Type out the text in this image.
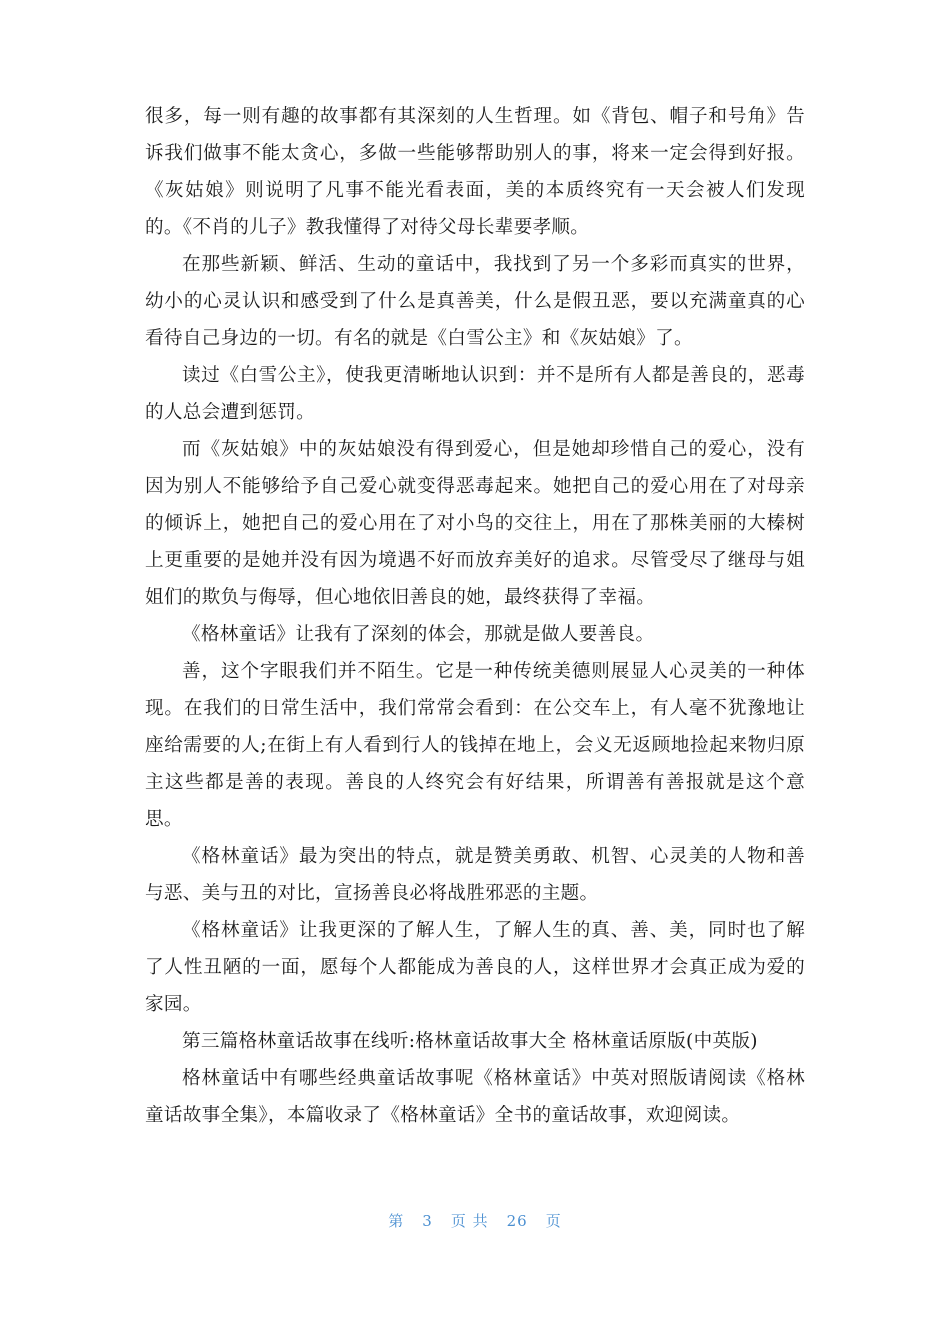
很多，每一则有趣的故事都有其深刻的人生哲理。如《背包、帽子和号角》告诉我们做事不能太贪心，多做一些能够帮助别人的事，将来一定会得到好报。《灰姑娘》则说明了凡事不能光看表面，美的本质终究有一天会被人们发现的。《不肖的儿子》教我懂得了对待父母长辈要孝顺。

在那些新颖、鲜活、生动的童话中，我找到了另一个多彩而真实的世界，幼小的心灵认识和感受到了什么是真善美，什么是假丑恶，要以充满童真的心看待自己身边的一切。有名的就是《白雪公主》和《灰姑娘》了。

读过《白雪公主》，使我更清晰地认识到：并不是所有人都是善良的，恶毒的人总会遭到惩罚。

而《灰姑娘》中的灰姑娘没有得到爱心，但是她却珍惜自己的爱心，没有因为别人不能够给予自己爱心就变得恶毒起来。她把自己的爱心用在了对母亲的倾诉上，她把自己的爱心用在了对小鸟的交往上，用在了那株美丽的大榛树上更重要的是她并没有因为境遇不好而放弃美好的追求。尽管受尽了继母与姐姐们的欺负与侮辱，但心地依旧善良的她，最终获得了幸福。

《格林童话》让我有了深刻的体会，那就是做人要善良。

善，这个字眼我们并不陌生。它是一种传统美德则展显人心灵美的一种体现。在我们的日常生活中，我们常常会看到：在公交车上，有人毫不犹豫地让座给需要的人;在街上有人看到行人的钱掉在地上，会义无返顾地捡起来物归原主这些都是善的表现。善良的人终究会有好结果，所谓善有善报就是这个意思。

《格林童话》最为突出的特点，就是赞美勇敢、机智、心灵美的人物和善与恶、美与丑的对比，宣扬善良必将战胜邪恶的主题。

《格林童话》让我更深的了解人生，了解人生的真、善、美，同时也了解了人性丑陋的一面，愿每个人都能成为善良的人，这样世界才会真正成为爱的家园。

第三篇格林童话故事在线听:格林童话故事大全 格林童话原版(中英版)

格林童话中有哪些经典童话故事呢《格林童话》中英对照版请阅读《格林童话故事全集》，本篇收录了《格林童话》全书的童话故事，欢迎阅读。

第 3 页 共 26 页
